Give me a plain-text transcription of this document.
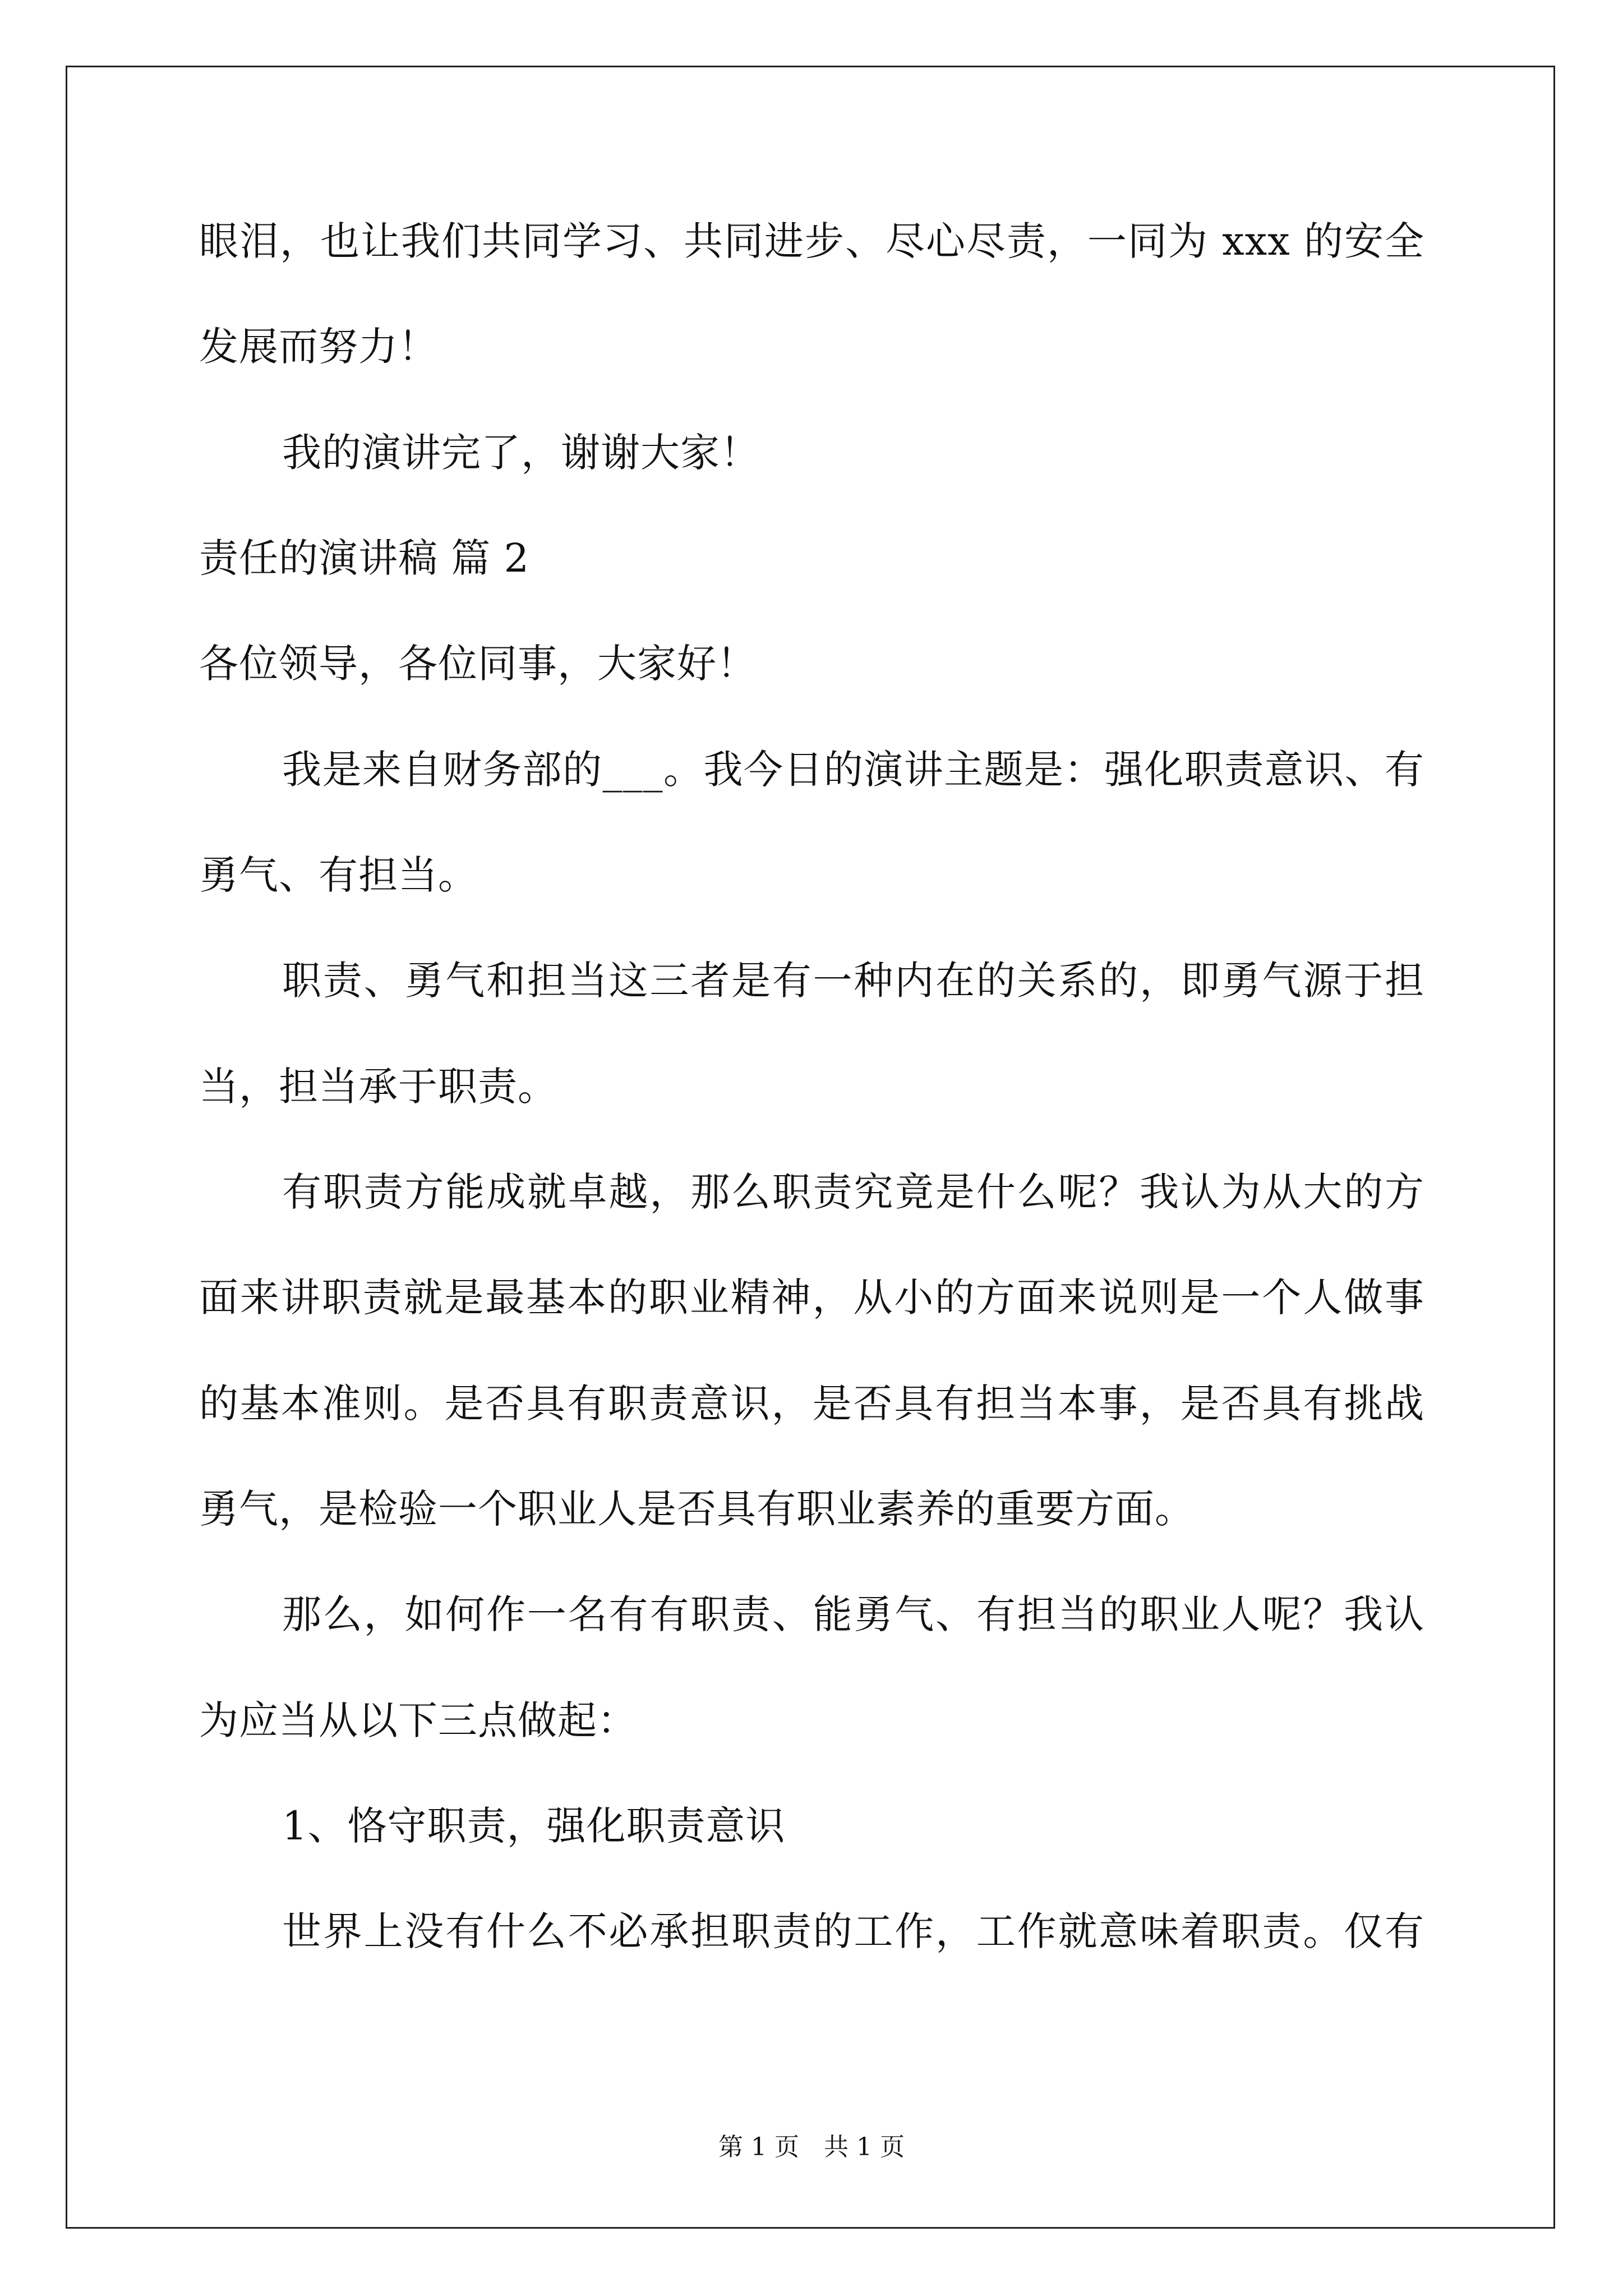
眼泪，也让我们共同学习、共同进步、尽心尽责，一同为 xxx 的安全
发展而努力！
我的演讲完了，谢谢大家！
责任的演讲稿 篇 2
各位领导，各位同事，大家好！
我是来自财务部的___。我今日的演讲主题是：强化职责意识、有
勇气、有担当。
职责、勇气和担当这三者是有一种内在的关系的，即勇气源于担
当，担当承于职责。
有职责方能成就卓越，那么职责究竟是什么呢？我认为从大的方
面来讲职责就是最基本的职业精神，从小的方面来说则是一个人做事
的基本准则。是否具有职责意识，是否具有担当本事，是否具有挑战
勇气，是检验一个职业人是否具有职业素养的重要方面。
那么，如何作一名有有职责、能勇气、有担当的职业人呢？我认
为应当从以下三点做起：
1、恪守职责，强化职责意识
世界上没有什么不必承担职责的工作，工作就意味着职责。仅有
第 1 页　共 1 页
